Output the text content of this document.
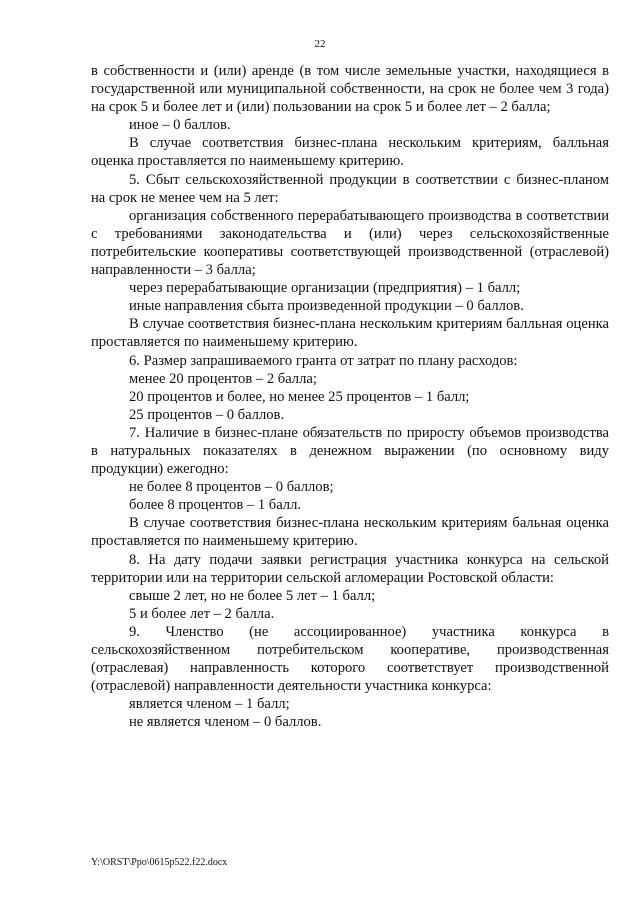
22

в собственности и (или) аренде (в том числе земельные участки, находящиеся в государственной или муниципальной собственности, на срок не более чем 3 года) на срок 5 и более лет и (или) пользовании на срок 5 и более лет – 2 балла;

иное – 0 баллов.

В случае соответствия бизнес-плана нескольким критериям, балльная оценка проставляется по наименьшему критерию.

5. Сбыт сельскохозяйственной продукции в соответствии с бизнес-планом на срок не менее чем на 5 лет:

организация собственного перерабатывающего производства в соответствии с требованиями законодательства и (или) через сельскохозяйственные потребительские кооперативы соответствующей производственной (отраслевой) направленности – 3 балла;

через перерабатывающие организации (предприятия) – 1 балл;

иные направления сбыта произведенной продукции – 0 баллов.

В случае соответствия бизнес-плана нескольким критериям балльная оценка проставляется по наименьшему критерию.

6. Размер запрашиваемого гранта от затрат по плану расходов:

менее 20 процентов – 2 балла;

20 процентов и более, но менее 25 процентов – 1 балл;

25 процентов – 0 баллов.

7. Наличие в бизнес-плане обязательств по приросту объемов производства в натуральных показателях в денежном выражении (по основному виду продукции) ежегодно:

не более 8 процентов – 0 баллов;

более 8 процентов – 1 балл.

В случае соответствия бизнес-плана нескольким критериям бальная оценка проставляется по наименьшему критерию.

8. На дату подачи заявки регистрация участника конкурса на сельской территории или на территории сельской агломерации Ростовской области:

свыше 2 лет, но не более 5 лет – 1 балл;

5 и более лет – 2 балла.

9. Членство (не ассоциированное) участника конкурса в сельскохозяйственном потребительском кооперативе, производственная (отраслевая) направленность которого соответствует производственной (отраслевой) направленности деятельности участника конкурса:

является членом – 1 балл;

не является членом – 0 баллов.

Y:\ORST\Ppo\0615p522.f22.docx
